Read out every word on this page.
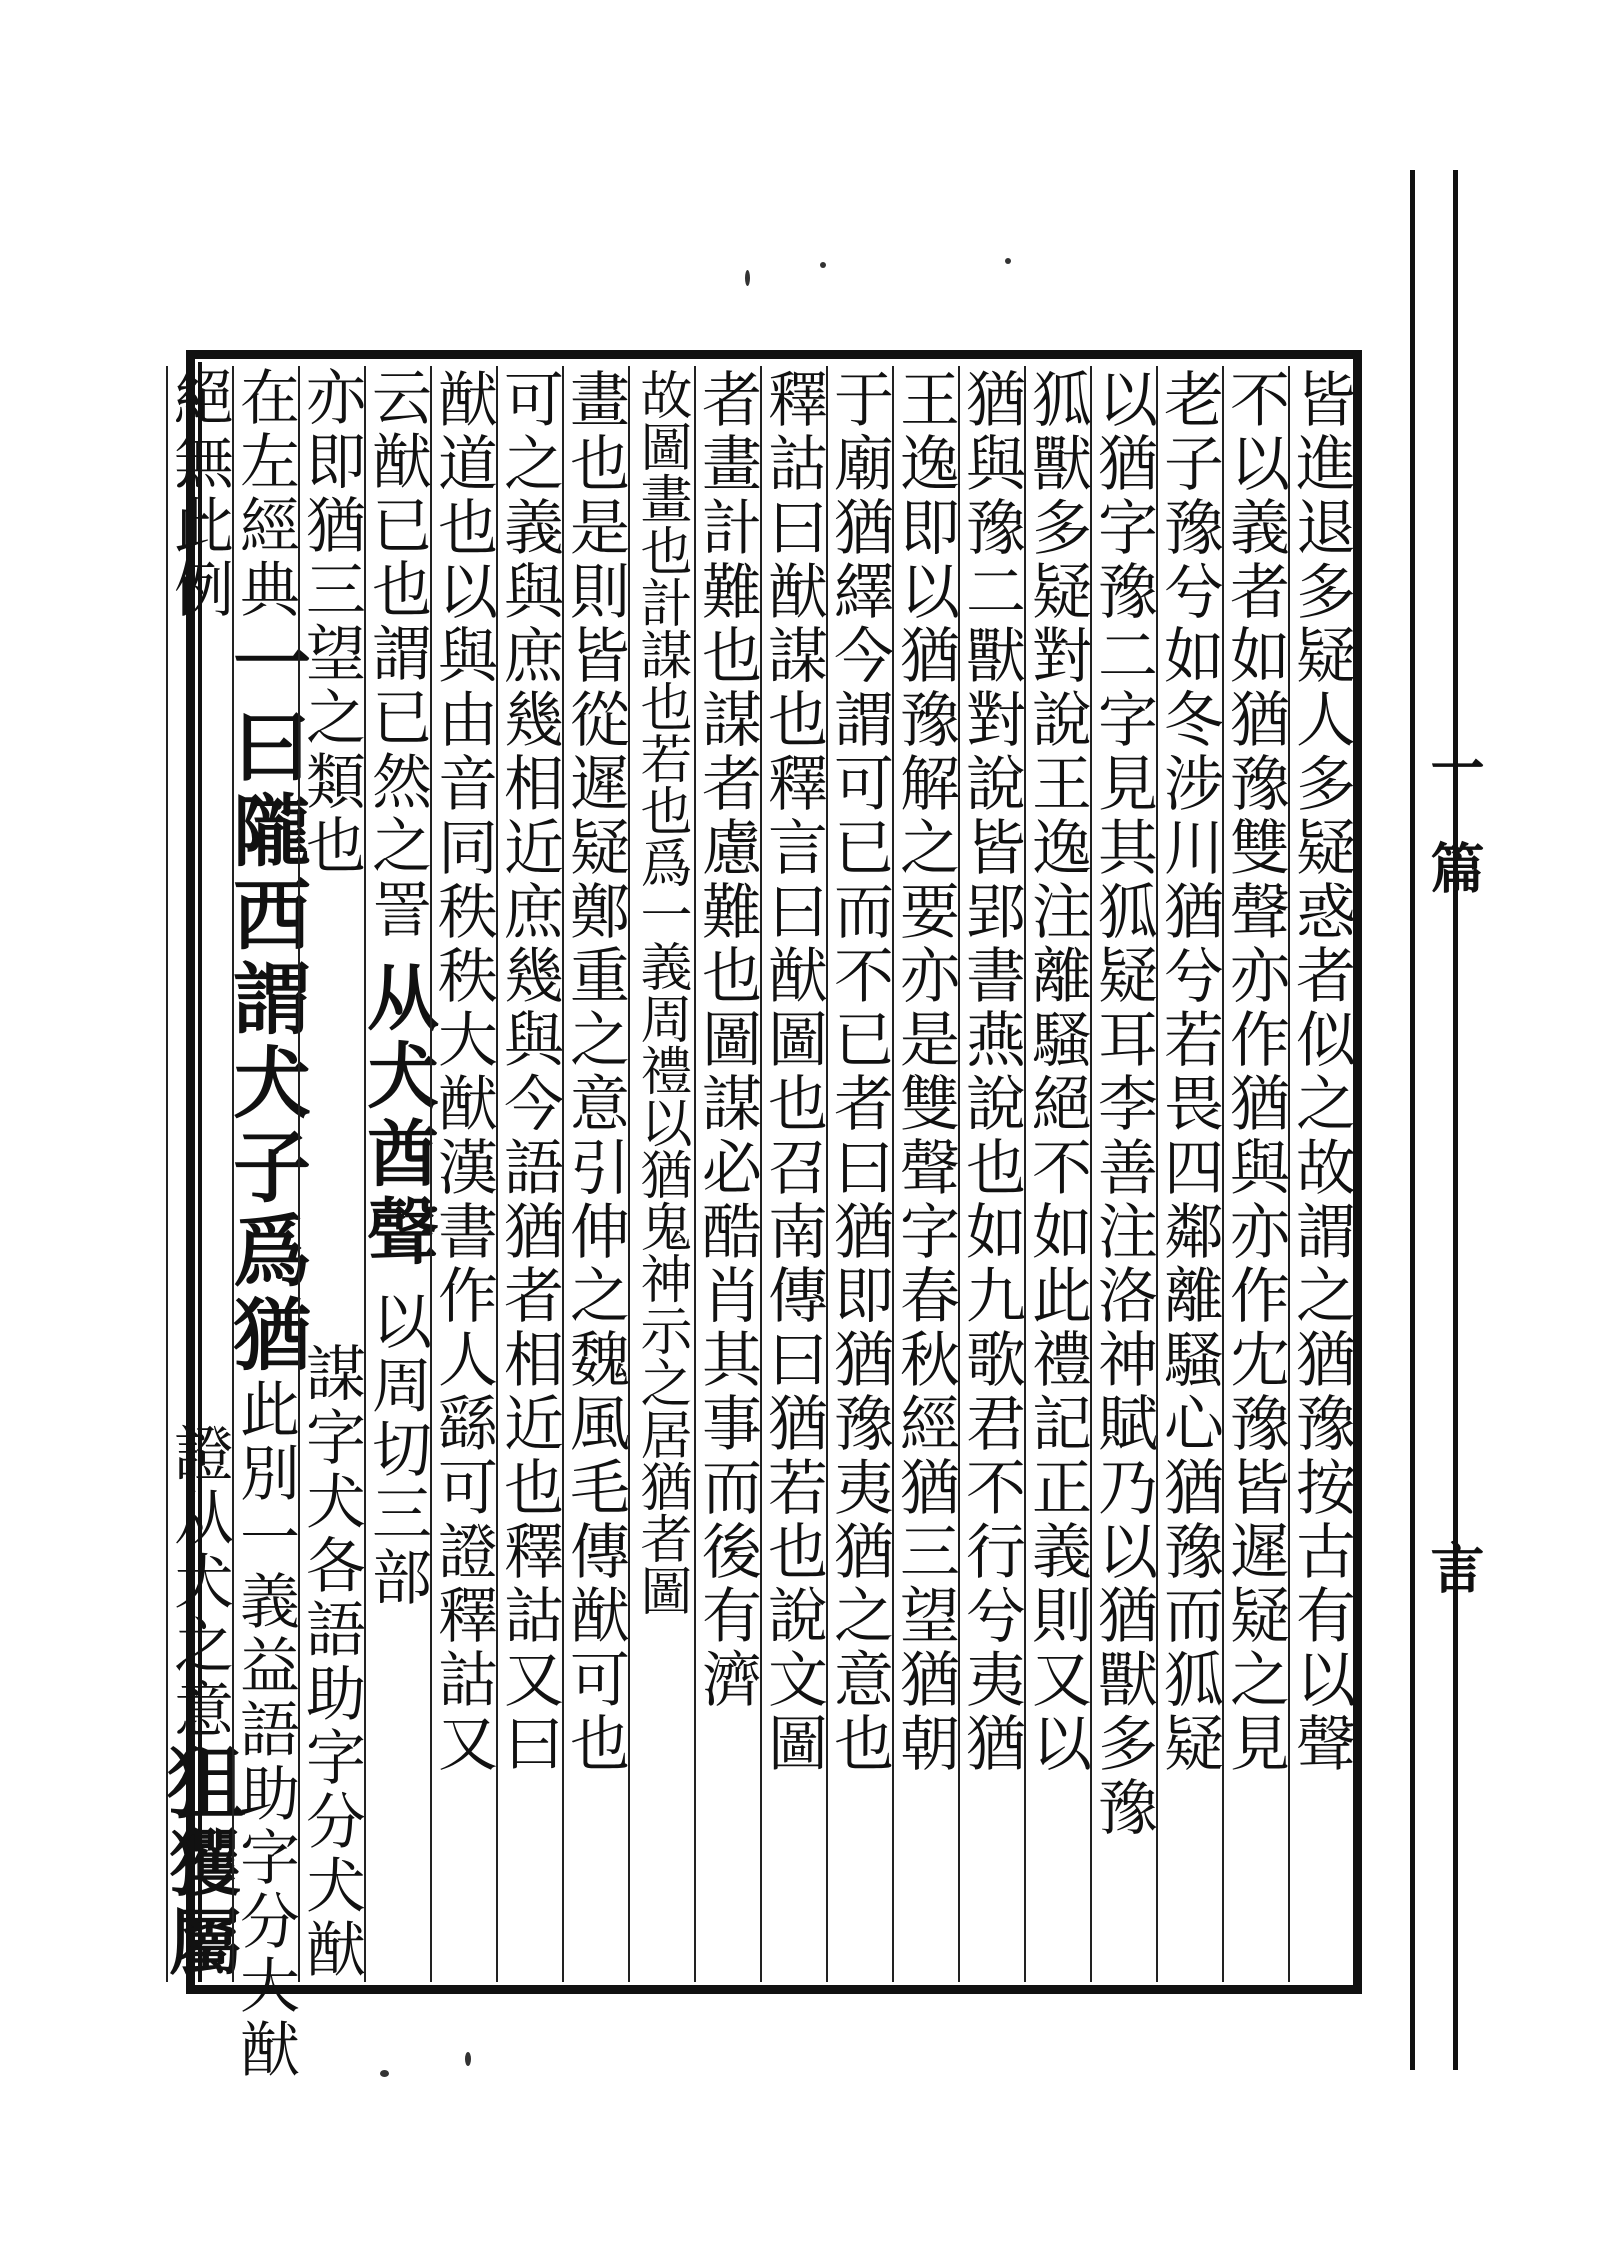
一
篇
言
皆進退多疑人多疑惑者似之故謂之猶豫按古有以聲
不以義者如猶豫雙聲亦作猶與亦作冘豫皆遲疑之見
老子豫兮如冬涉川猶兮若畏四鄰離騷心猶豫而狐疑
以猶字豫二字見其狐疑耳李善注洛神賦乃以猶獸多豫
狐獸多疑對說王逸注離騷絕不如此禮記正義則又以
猶與豫二獸對說皆郢書燕說也如九歌君不行兮夷猶
王逸即以猶豫解之要亦是雙聲字春秋經猶三望猶朝
于廟猶繹今謂可已而不已者曰猶即猶豫夷猶之意也
釋詁曰猷謀也釋言曰猷圖也召南傳曰猶若也說文圖
者畫計難也謀者慮難也圖謀必酷肖其事而後有濟
故圖畫也計謀也若也爲一義周禮以猶鬼神示之居猶者圖
畫也是則皆從遲疑鄭重之意引伸之魏風毛傳猷可也
可之義與庶幾相近庶幾與今語猶者相近也釋詁又曰
猷道也以與由音同秩秩大猷漢書作人繇可證釋詁又
云猷已也謂已然之詈
从犬酋聲
以周切三部
亦即猶三望之類也
謀字犬各
語助字分犬猷
在左經典
一曰隴西謂犬子爲猶
此別一義益
語助字分大猷
絕無此例
證从犬之意
狙
玃屬
